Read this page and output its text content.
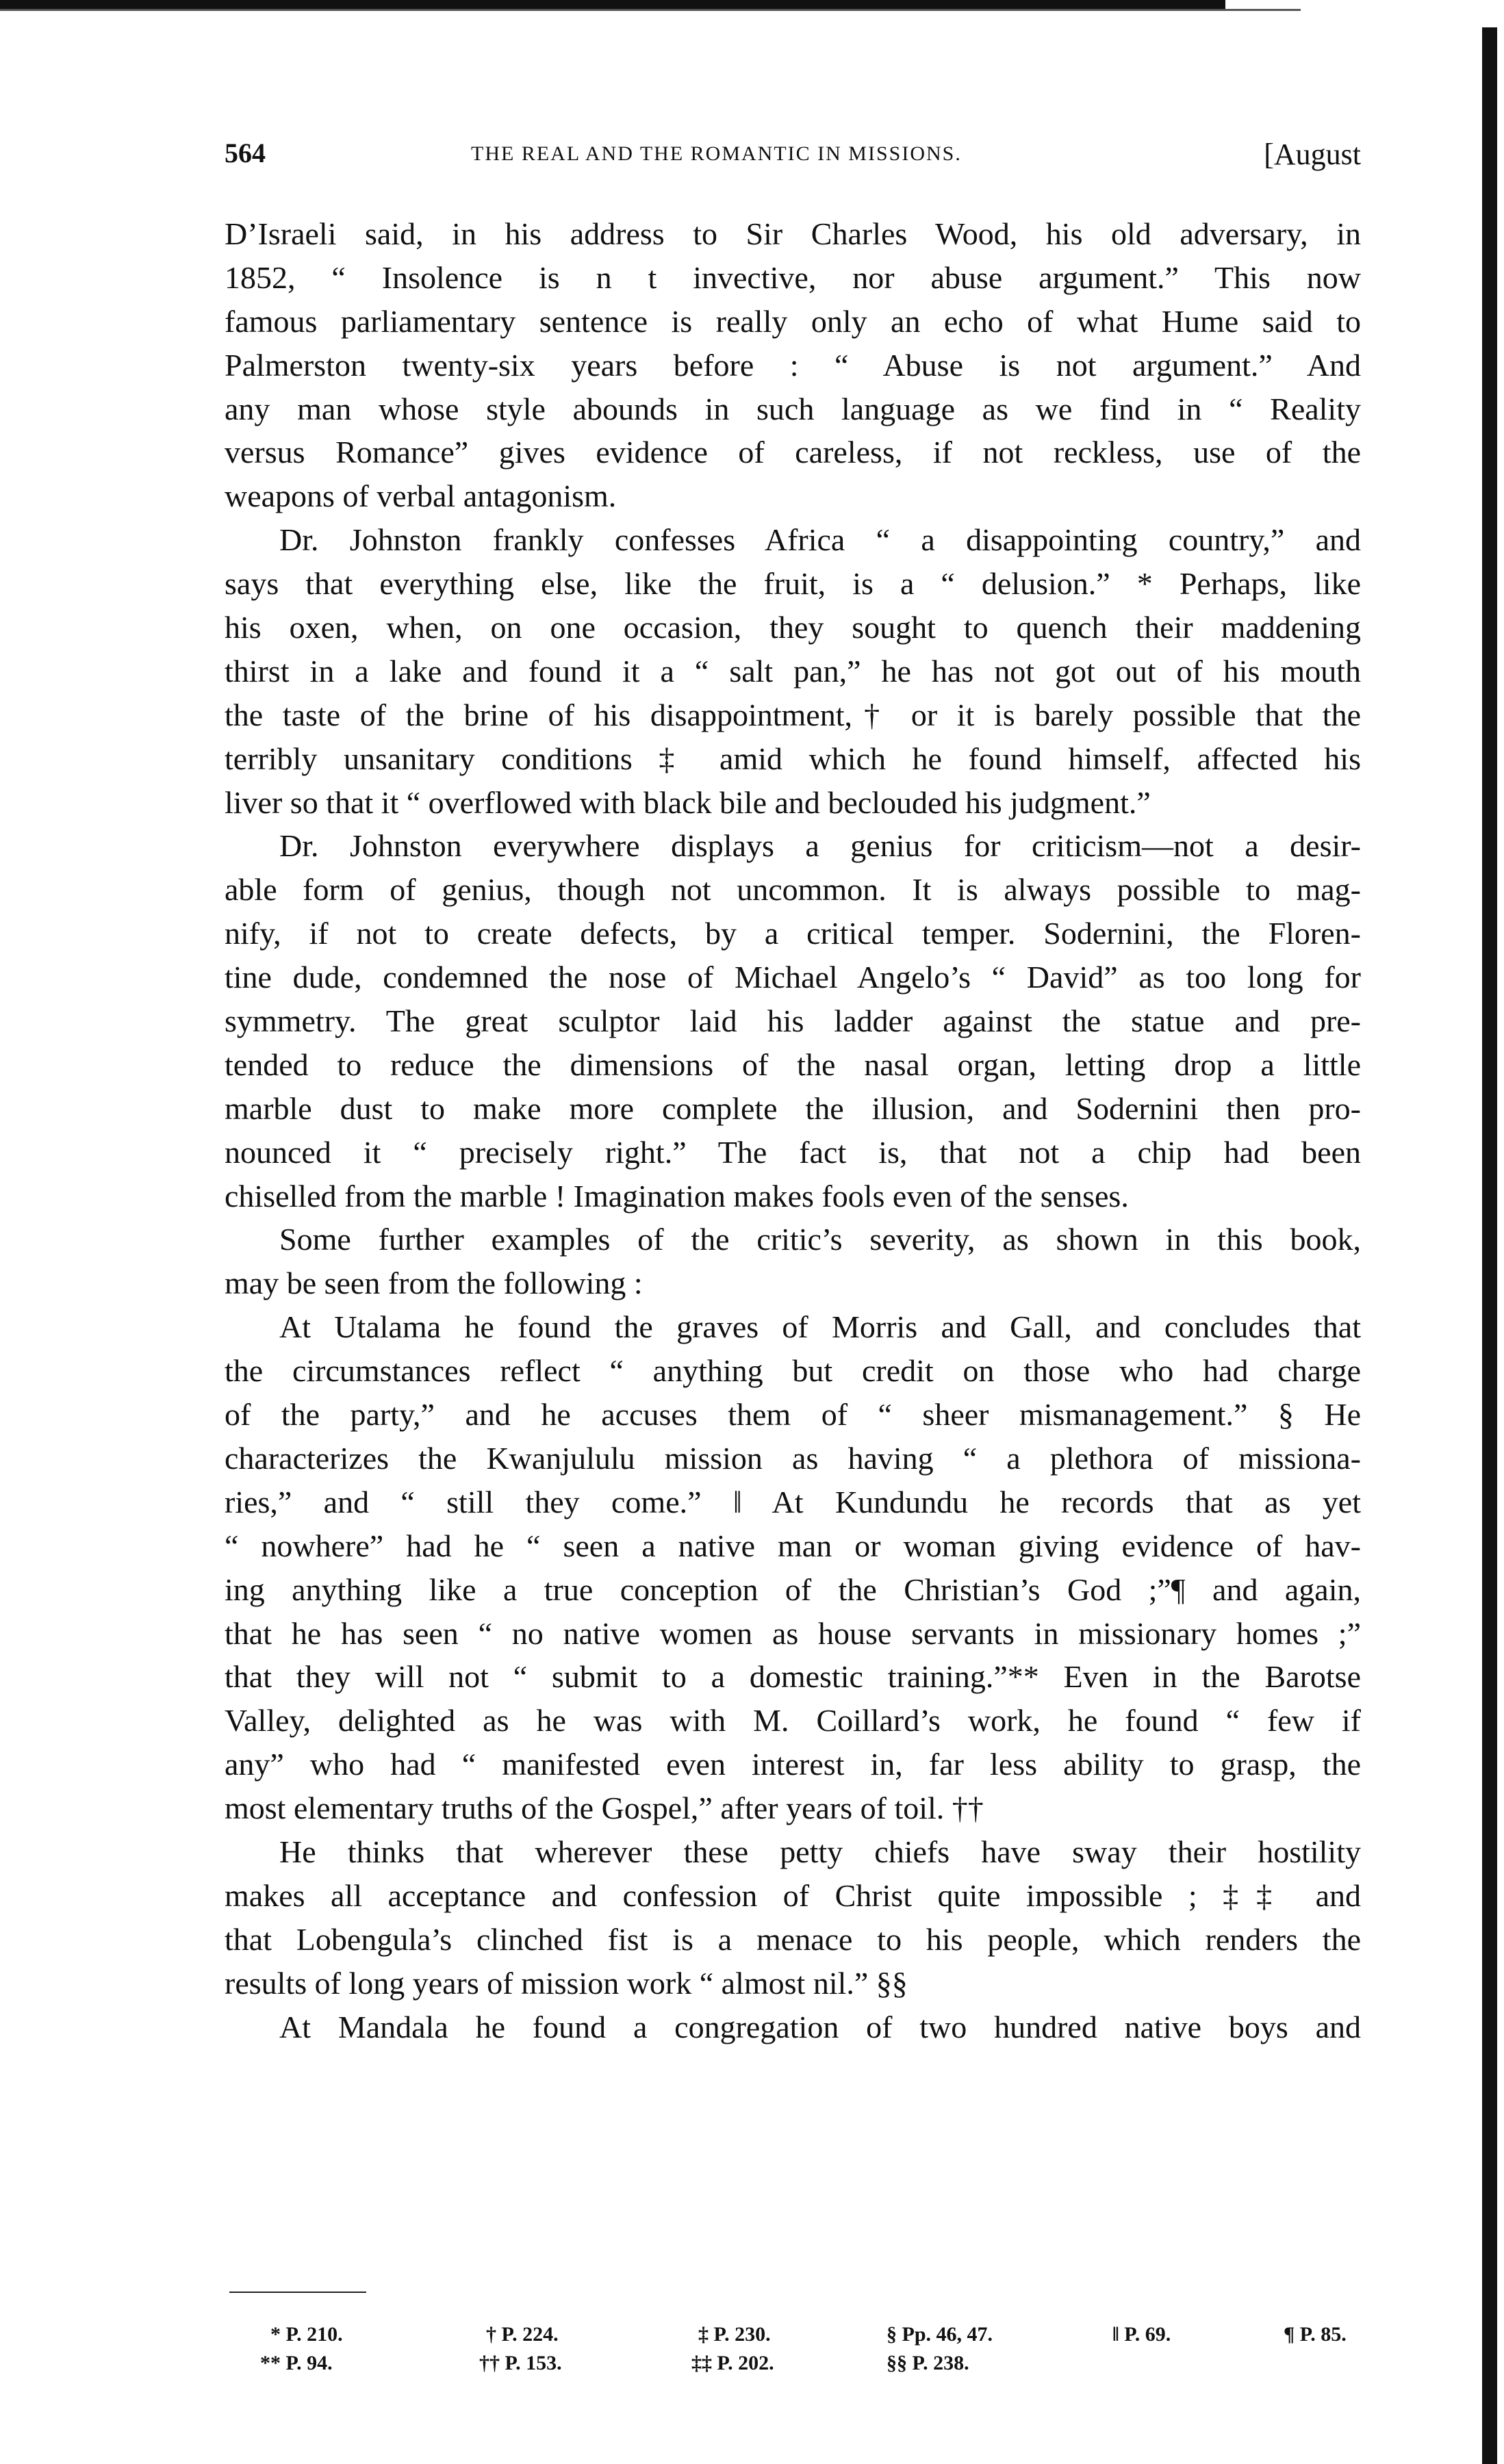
564	THE REAL AND THE ROMANTIC IN MISSIONS.	[August
D’Israeli said, in his address to Sir Charles Wood, his old adversary, in
1852, “ Insolence is n t invective, nor abuse argument.” This now
famous parliamentary sentence is really only an echo of what Hume said to
Palmerston twenty-six years before : “ Abuse is not argument.” And
any man whose style abounds in such language as we find in “ Reality
versus Romance” gives evidence of careless, if not reckless, use of the
weapons of verbal antagonism.
Dr. Johnston frankly confesses Africa “ a disappointing country,” and
says that everything else, like the fruit, is a “ delusion.” * Perhaps, like
his oxen, when, on one occasion, they sought to quench their maddening
thirst in a lake and found it a “ salt pan,” he has not got out of his mouth
the taste of the brine of his disappointment,† or it is barely possible that the
terribly unsanitary conditions ‡ amid which he found himself, affected his
liver so that it “ overflowed with black bile and beclouded his judgment.”
Dr. Johnston everywhere displays a genius for criticism—not a desir-
able form of genius, though not uncommon. It is always possible to mag-
nify, if not to create defects, by a critical temper. Sodernini, the Floren-
tine dude, condemned the nose of Michael Angelo’s “ David” as too long for
symmetry. The great sculptor laid his ladder against the statue and pre-
tended to reduce the dimensions of the nasal organ, letting drop a little
marble dust to make more complete the illusion, and Sodernini then pro-
nounced it “ precisely right.” The fact is, that not a chip had been
chiselled from the marble ! Imagination makes fools even of the senses.
Some further examples of the critic’s severity, as shown in this book,
may be seen from the following :
At Utalama he found the graves of Morris and Gall, and concludes that
the circumstances reflect “ anything but credit on those who had charge
of the party,” and he accuses them of “ sheer mismanagement.” § He
characterizes the Kwanjululu mission as having “ a plethora of missiona-
ries,” and “ still they come.” ‖ At Kundundu he records that as yet
“ nowhere” had he “ seen a native man or woman giving evidence of hav-
ing anything like a true conception of the Christian’s God ;”¶ and again,
that he has seen “ no native women as house servants in missionary homes ;”
that they will not “ submit to a domestic training.”** Even in the Barotse
Valley, delighted as he was with M. Coillard’s work, he found “ few if
any” who had “ manifested even interest in, far less ability to grasp, the
most elementary truths of the Gospel,” after years of toil. ††
He thinks that wherever these petty chiefs have sway their hostility
makes all acceptance and confession of Christ quite impossible ; ‡‡ and
that Lobengula’s clinched fist is a menace to his people, which renders the
results of long years of mission work “ almost nil.” §§
At Mandala he found a congregation of two hundred native boys and
* P. 210.	† P. 224.	‡ P. 230.	§ Pp. 46, 47.	‖ P. 69.	¶ P. 85.
** P. 94.	†† P. 153.	‡‡ P. 202.	§§ P. 238.
